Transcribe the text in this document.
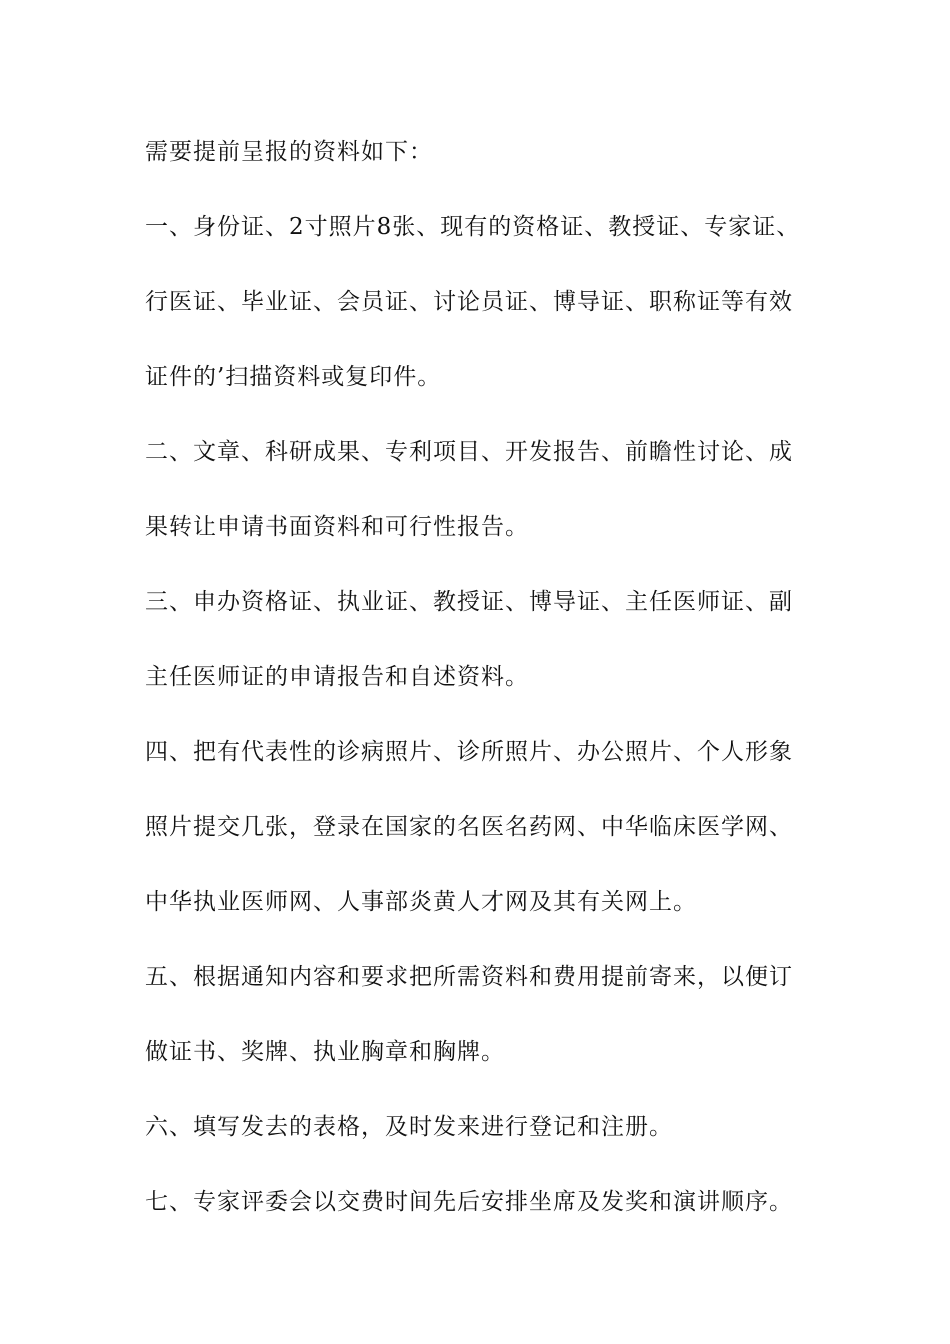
需要提前呈报的资料如下：
一、身份证、2寸照片8张、现有的资格证、教授证、专家证、
行医证、毕业证、会员证、讨论员证、博导证、职称证等有效
证件的’扫描资料或复印件。
二、文章、科研成果、专利项目、开发报告、前瞻性讨论、成
果转让申请书面资料和可行性报告。
三、申办资格证、执业证、教授证、博导证、主任医师证、副
主任医师证的申请报告和自述资料。
四、把有代表性的诊病照片、诊所照片、办公照片、个人形象
照片提交几张，登录在国家的名医名药网、中华临床医学网、
中华执业医师网、人事部炎黄人才网及其有关网上。
五、根据通知内容和要求把所需资料和费用提前寄来，以便订
做证书、奖牌、执业胸章和胸牌。
六、填写发去的表格，及时发来进行登记和注册。
七、专家评委会以交费时间先后安排坐席及发奖和演讲顺序。
